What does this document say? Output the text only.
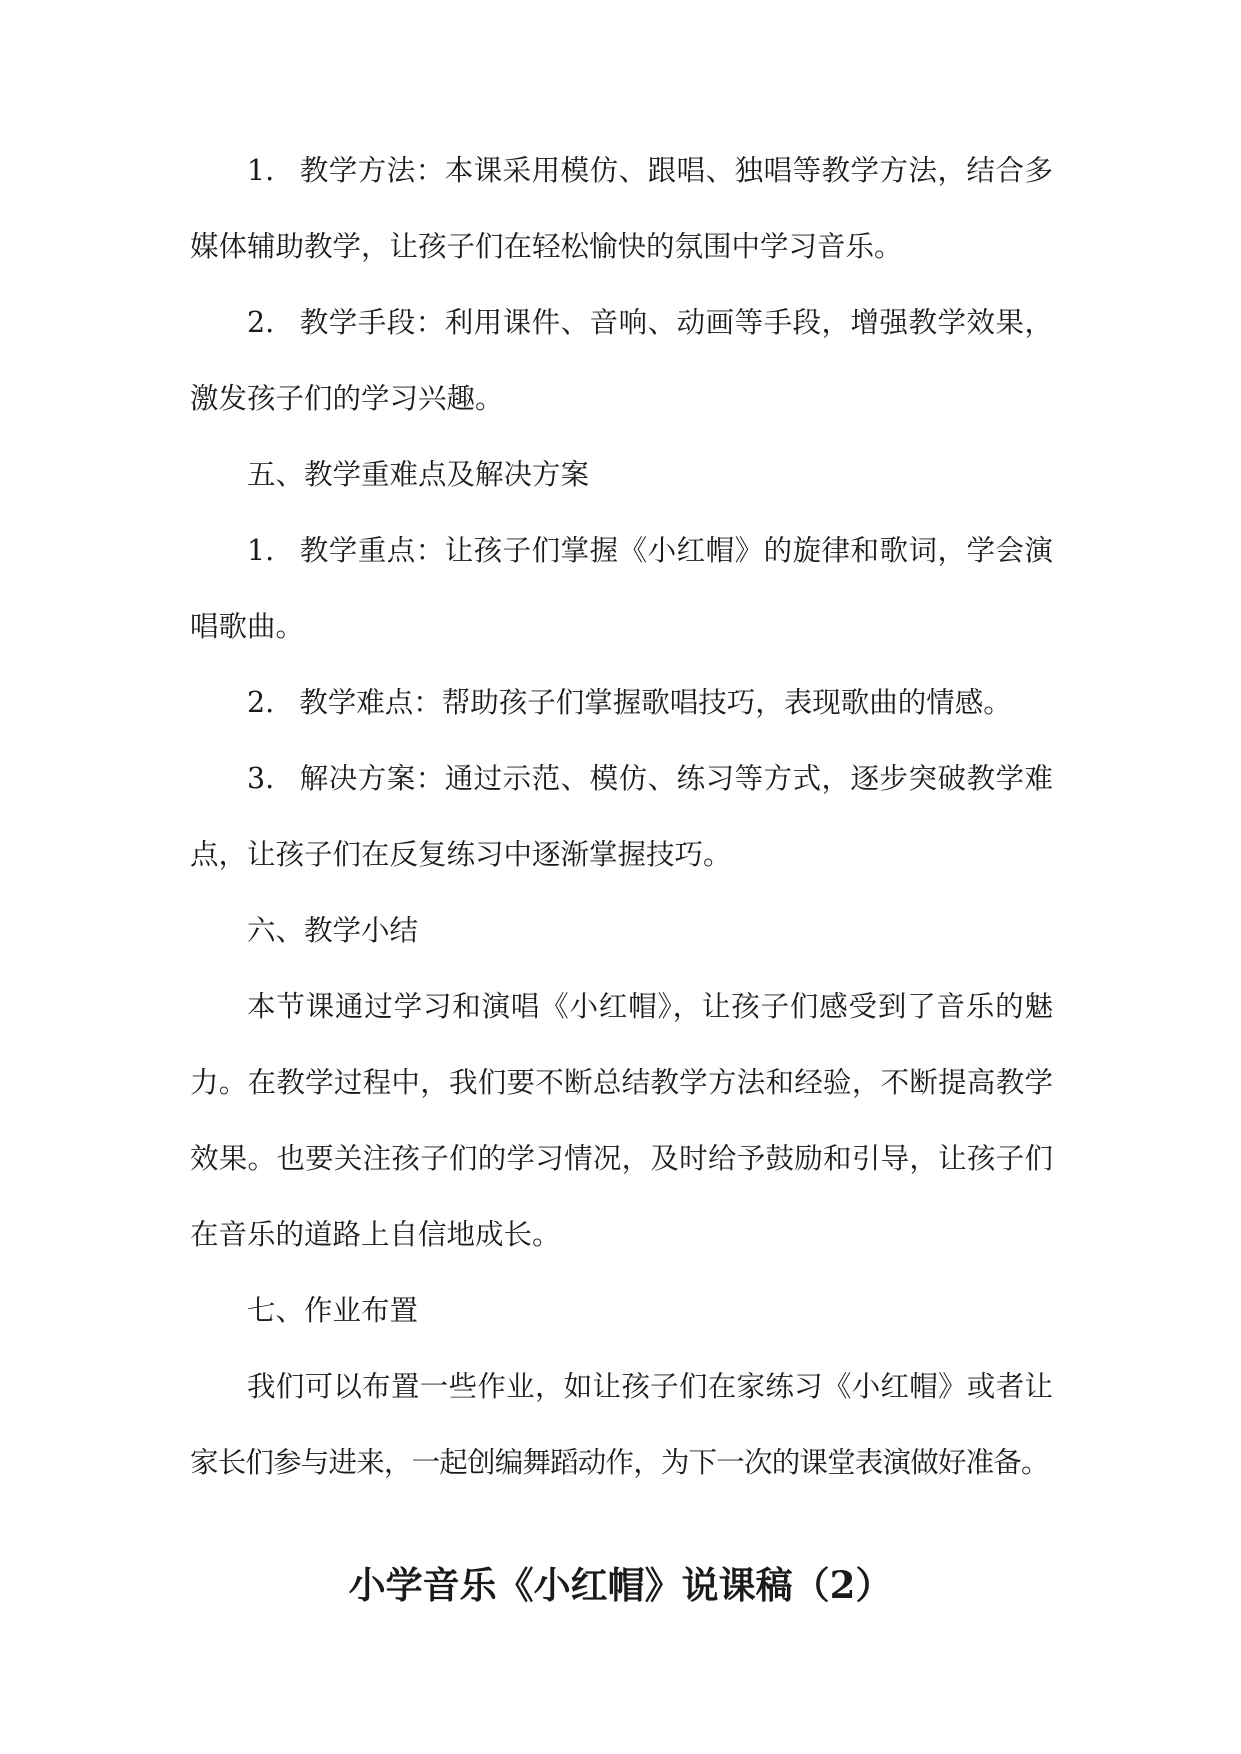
1. 教学方法：本课采用模仿、跟唱、独唱等教学方法，结合多
媒体辅助教学，让孩子们在轻松愉快的氛围中学习音乐。
2. 教学手段：利用课件、音响、动画等手段，增强教学效果，
激发孩子们的学习兴趣。
五、教学重难点及解决方案
1. 教学重点：让孩子们掌握《小红帽》的旋律和歌词，学会演
唱歌曲。
2. 教学难点：帮助孩子们掌握歌唱技巧，表现歌曲的情感。
3. 解决方案：通过示范、模仿、练习等方式，逐步突破教学难
点，让孩子们在反复练习中逐渐掌握技巧。
六、教学小结
本节课通过学习和演唱《小红帽》，让孩子们感受到了音乐的魅
力。在教学过程中，我们要不断总结教学方法和经验，不断提高教学
效果。也要关注孩子们的学习情况，及时给予鼓励和引导，让孩子们
在音乐的道路上自信地成长。
七、作业布置
我们可以布置一些作业，如让孩子们在家练习《小红帽》或者让
家长们参与进来，一起创编舞蹈动作，为下一次的课堂表演做好准备。
小学音乐《小红帽》说课稿（2）
